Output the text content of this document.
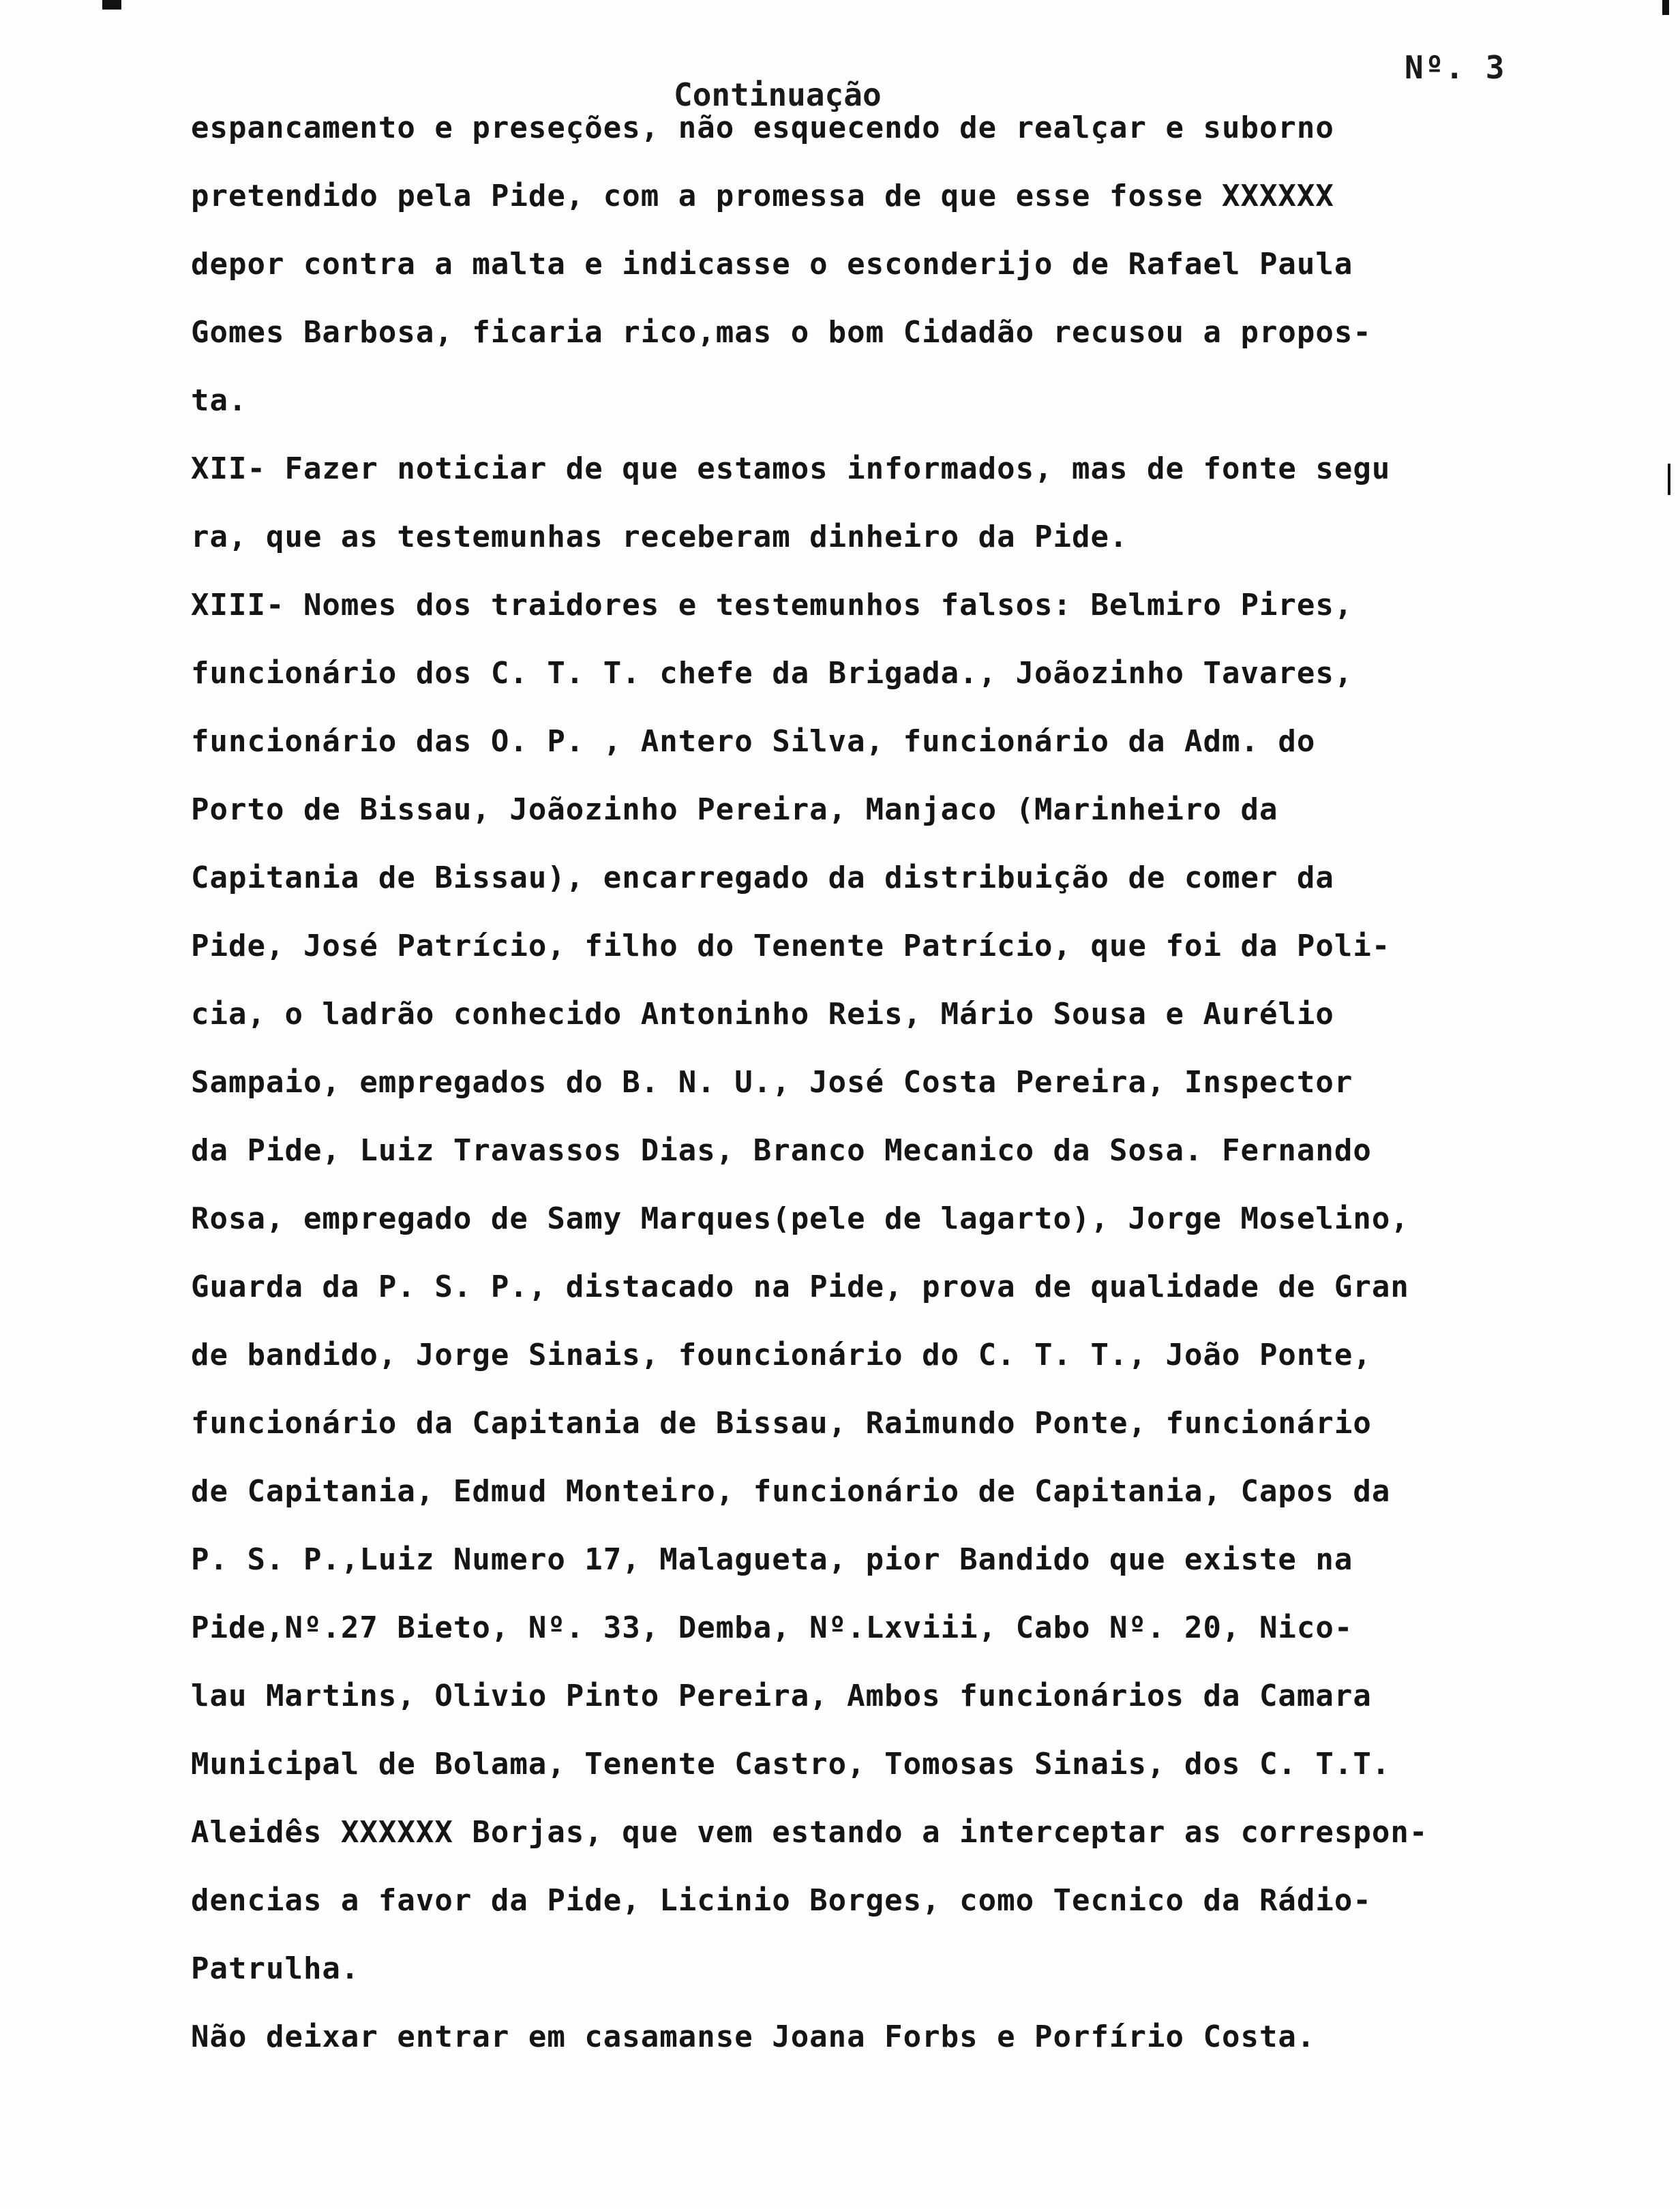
Nº. 3
Continuação
espancamento e preseções, não esquecendo de realçar e suborno
pretendido pela Pide, com a promessa de que esse fosse XXXXXX
depor contra a malta e indicasse o esconderijo de Rafael Paula
Gomes Barbosa, ficaria rico,mas o bom Cidadão recusou a propos-
ta.
XII- Fazer noticiar de que estamos informados, mas de fonte segu
ra, que as testemunhas receberam dinheiro da Pide.
XIII- Nomes dos traidores e testemunhos falsos: Belmiro Pires,
funcionário dos C. T. T. chefe da Brigada., Joãozinho Tavares,
funcionário das O. P. , Antero Silva, funcionário da Adm. do
Porto de Bissau, Joãozinho Pereira, Manjaco (Marinheiro da
Capitania de Bissau), encarregado da distribuição de comer da
Pide, José Patrício, filho do Tenente Patrício, que foi da Poli-
cia, o ladrão conhecido Antoninho Reis, Mário Sousa e Aurélio
Sampaio, empregados do B. N. U., José Costa Pereira, Inspector
da Pide, Luiz Travassos Dias, Branco Mecanico da Sosa. Fernando
Rosa, empregado de Samy Marques(pele de lagarto), Jorge Moselino,
Guarda da P. S. P., distacado na Pide, prova de qualidade de Gran
de bandido, Jorge Sinais, founcionário do C. T. T., João Ponte,
funcionário da Capitania de Bissau, Raimundo Ponte, funcionário
de Capitania, Edmud Monteiro, funcionário de Capitania, Capos da
P. S. P.,Luiz Numero 17, Malagueta, pior Bandido que existe na
Pide,Nº.27 Bieto, Nº. 33, Demba, Nº.Lxviii, Cabo Nº. 20, Nico-
lau Martins, Olivio Pinto Pereira, Ambos funcionários da Camara
Municipal de Bolama, Tenente Castro, Tomosas Sinais, dos C. T.T.
Aleidês XXXXXX Borjas, que vem estando a interceptar as correspon-
dencias a favor da Pide, Licinio Borges, como Tecnico da Rádio-
Patrulha.
Não deixar entrar em casamanse Joana Forbs e Porfírio Costa.
